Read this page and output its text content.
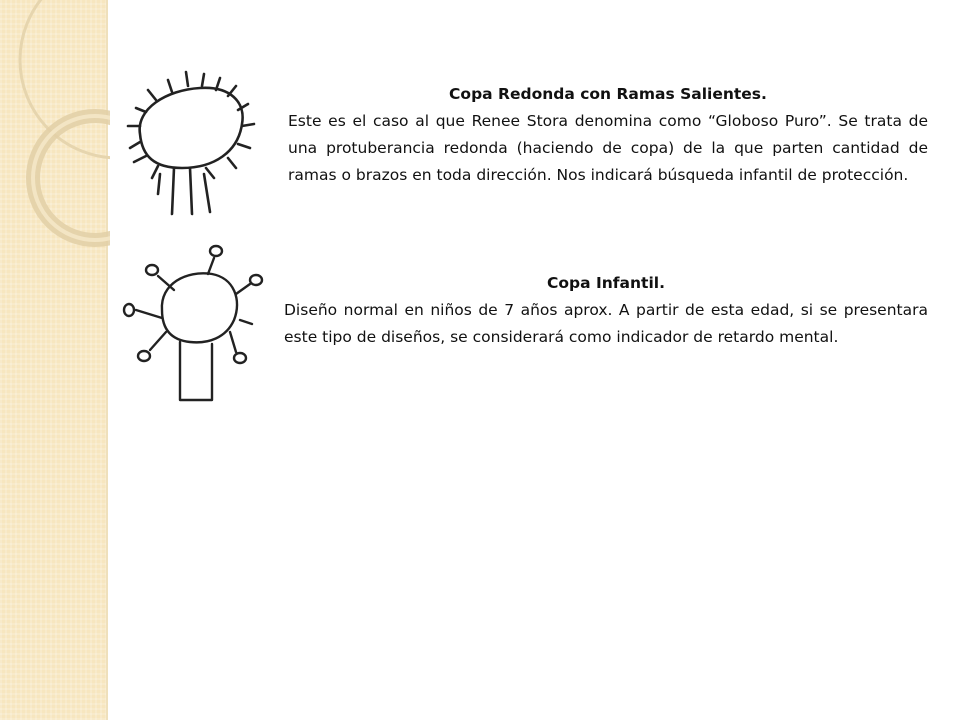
Copa Redonda con Ramas Salientes.
Este es el caso al que Renee Stora denomina como “Globoso Puro”. Se trata de una protuberancia redonda (haciendo de copa) de la que parten cantidad de ramas o brazos en toda dirección. Nos indicará búsqueda infantil de protección.
Copa Infantil.
Diseño normal en niños de 7 años aprox. A partir de esta edad, si se presentara este tipo de diseños, se considerará como indicador de retardo mental.
